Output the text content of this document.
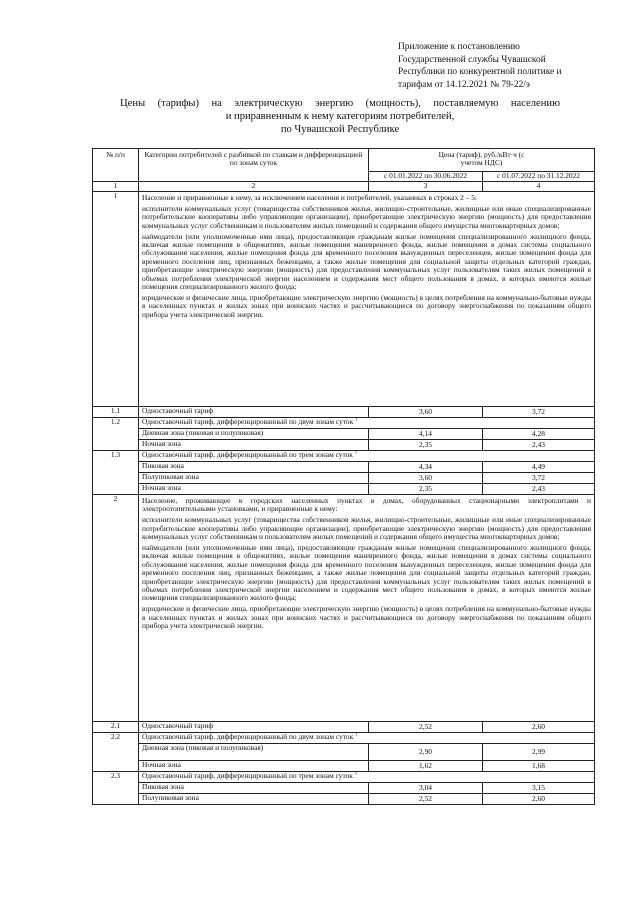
Приложение к постановлению
Государственной службы Чувашской
Республики по конкурентной политике и
тарифам от 14.12.2021 № 79-22/э
Цены (тарифы) на электрическую энергию (мощность), поставляемую населению
и приравненным к нему категориям потребителей,
по Чувашской Республике
№ п/п	Категории потребителей с разбивкой по ставкам и дифференциацией по зонам суток	Цена (тариф), руб./кВт·ч (с учетом НДС)	
		с 01.01.2022 по 30.06.2022	с 01.07.2022 по 31.12.2022
1	2	3	4
1	Население и приравненные к нему, за исключением населения и потребителей, указанных в строках 2 – 5:

исполнители коммунальных услуг (товарищества собственников жилья, жилищно-строительные, жилищные или иные специализированные потребительские кооперативы либо управляющие организации), приобретающие электрическую энергию (мощность) для предоставления коммунальных услуг собственникам и пользователям жилых помещений и содержания общего имущества многоквартирных домов;

наймодатели (или уполномоченные ими лица), предоставляющие гражданам жилые помещения специализированного жилищного фонда, включая жилые помещения в общежитиях, жилые помещения маневренного фонда, жилые помещения в домах системы социального обслуживания населения, жилые помещения фонда для временного поселения вынужденных переселенцев, жилые помещения фонда для временного поселения лиц, признанных беженцами, а также жилые помещения для социальной защиты отдельных категорий граждан, приобретающие электрическую энергию (мощность) для предоставления коммунальных услуг пользователям таких жилых помещений в объемах потребления электрической энергии населением и содержания мест общего пользования в домах, в которых имеются жилые помещения специализированного жилого фонда;

юридические и физические лица, приобретающие электрическую энергию (мощность) в целях потребления на коммунально-бытовые нужды в населенных пунктах и жилых зонах при воинских частях и рассчитывающиеся по договору энергоснабжения по показаниям общего прибора учета электрической энергии.		

1.1	Одноставочный тариф	3,60	3,72
1.2	Одноставочный тариф, дифференцированный по двум зонам суток $^1$
	Дневная зона (пиковая и полупиковая)	4,14	4,28
	Ночная зона	2,35	2,43
1.3	Одноставочный тариф, дифференцированный по трем зонам суток $^1$
	Пиковая зона	4,34	4,49
	Полупиковая зона	3,60	3,72
	Ночная зона	2,35	2,43
2	Население, проживающее в городских населенных пунктах в домах, оборудованных стационарными электроплитами и электроотопительными установками, и приравненные к нему:

исполнители коммунальных услуг (товарищества собственников жилья, жилищно-строительные, жилищные или иные специализированные потребительские кооперативы либо управляющие организации), приобретающие электрическую энергию (мощность) для предоставления коммунальных услуг собственникам и пользователям жилых помещений и содержания общего имущества многоквартирных домов;

наймодатели (или уполномоченные ими лица), предоставляющие гражданам жилые помещения специализированного жилищного фонда, включая жилые помещения в общежитиях, жилые помещения маневренного фонда, жилые помещения в домах системы социального обслуживания населения, жилые помещения фонда для временного поселения вынужденных переселенцев, жилые помещения фонда для временного поселения лиц, признанных беженцами, а также жилые помещения для социальной защиты отдельных категорий граждан, приобретающие электрическую энергию (мощность) для предоставления коммунальных услуг пользователям таких жилых помещений в объемах потребления электрической энергии населением и содержания мест общего пользования в домах, в которых имеются жилые помещения специализированного жилого фонда;

юридические и физические лица, приобретающие электрическую энергию (мощность) в целях потребления на коммунально-бытовые нужды в населенных пунктах и жилых зонах при воинских частях и рассчитывающиеся по договору энергоснабжения по показаниям общего прибора учета электрической энергии.		

2.1	Одноставочный тариф	2,52	2,60
2.2	Одноставочный тариф, дифференцированный по двум зонам суток $^1$
	Дневная зона (пиковая и полупиковая)	2,90	2,99
	Ночная зона	1,62	1,68
2.3	Одноставочный тариф, дифференцированный по трем зонам суток $^1$
	Пиковая зона	3,04	3,15
	Полупиковая зона	2,52	2,60
